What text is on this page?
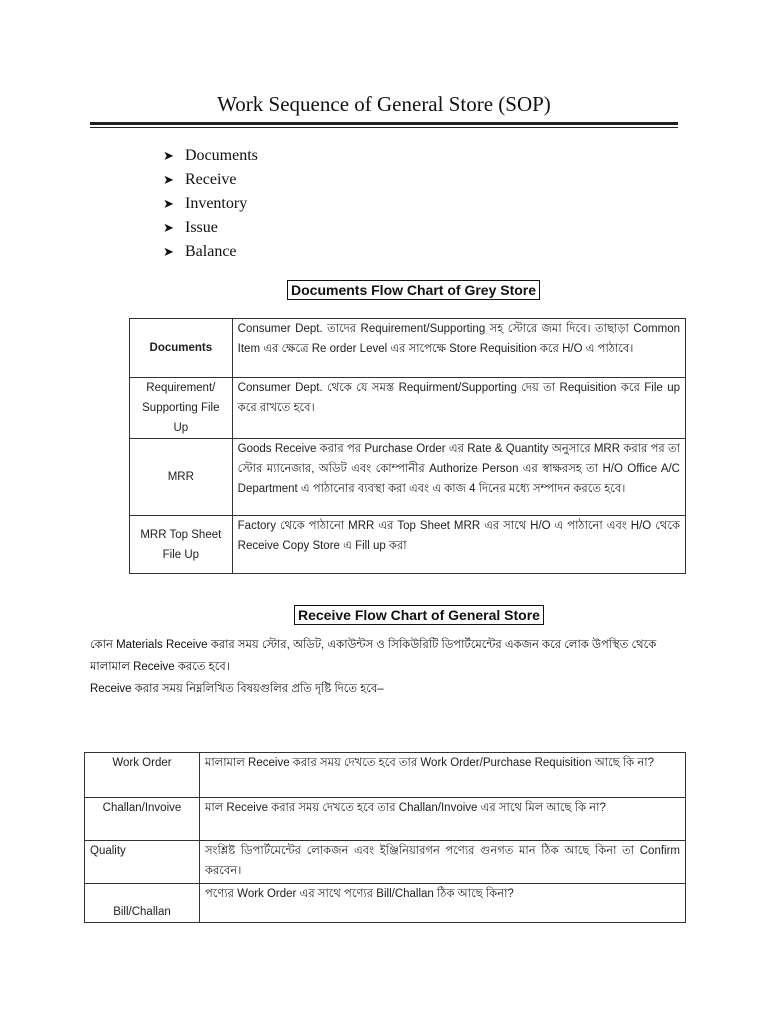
Work Sequence of General Store (SOP)
➤ Documents
➤ Receive
➤ Inventory
➤ Issue
➤ Balance
Documents Flow Chart of Grey Store
Documents	Consumer Dept. তাদের Requirement/Supporting সহ স্টোরে জমা দিবে। তাছাড়া Common Item এর ক্ষেত্রে Re order Level এর সাপেক্ষে Store Requisition করে H/O এ পাঠাবে।
Requirement/ Supporting File Up	Consumer Dept. থেকে যে সমস্ত Requirment/Supporting দেয় তা Requisition করে File up করে রাখতে হবে।
MRR	Goods Receive করার পর Purchase Order এর Rate & Quantity অনুসারে MRR করার পর তা স্টোর ম্যানেজার, অডিট এবং কোম্পানীর Authorize Person এর স্বাক্ষরসহ তা H/O Office A/C Department এ পাঠানোর ব্যবস্থা করা এবং এ কাজ 4 দিনের মধ্যে সম্পাদন করতে হবে।
MRR Top Sheet File Up	Factory থেকে পাঠানো MRR এর Top Sheet MRR এর সাথে H/O এ পাঠানো এবং H/O থেকে Receive Copy Store এ Fill up করা
Receive Flow Chart of General Store
কোন Materials Receive করার সময় স্টোর, অডিট, একাউন্টস ও সিকিউরিটি ডিপার্টমেন্টের একজন করে লোক উপস্থিত থেকে মালামাল Receive করতে হবে।
Receive করার সময় নিম্নলিখিত বিষয়গুলির প্রতি দৃষ্টি দিতে হবে–
Work Order	মালামাল Receive করার সময় দেখতে হবে তার Work Order/Purchase Requisition আছে কি না?
Challan/Invoive	মাল Receive করার সময় দেখতে হবে তার Challan/Invoive এর সাথে মিল আছে কি না?
Quality	সংশ্লিষ্ট ডিপার্টমেন্টের লোকজন এবং ইঞ্জিনিয়ারগন পণ্যের গুনগত মান ঠিক আছে কিনা তা Confirm করবেন।
Bill/Challan	পণ্যের Work Order এর সাথে পণ্যের Bill/Challan ঠিক আছে কিনা?
